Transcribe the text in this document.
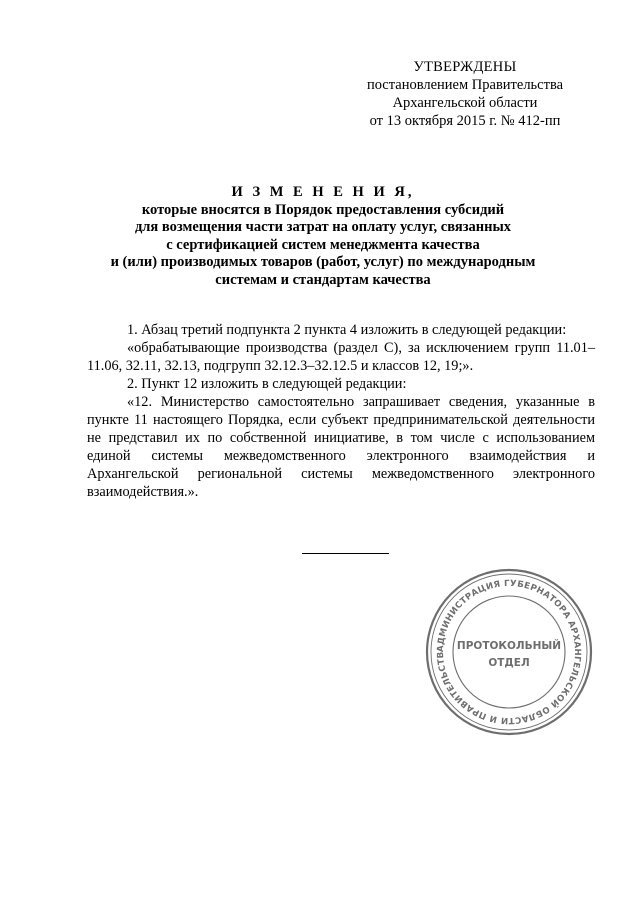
УТВЕРЖДЕНЫ
постановлением Правительства
Архангельской области
от 13 октября 2015 г. № 412-пп
И З М Е Н Е Н И Я,
которые вносятся в Порядок предоставления субсидий
для возмещения части затрат на оплату услуг, связанных
с сертификацией систем менеджмента качества
и (или) производимых товаров (работ, услуг) по международным
системам и стандартам качества

1. Абзац третий подпункта 2 пункта 4 изложить в следующей редакции:

«обрабатывающие производства (раздел С), за исключением групп 11.01–11.06, 32.11, 32.13, подгрупп 32.12.3–32.12.5 и классов 12, 19;».

2. Пункт 12 изложить в следующей редакции:

«12. Министерство самостоятельно запрашивает сведения, указанные в пункте 11 настоящего Порядка, если субъект предпринимательской деятельности не представил их по собственной инициативе, в том числе с использованием единой системы межведомственного электронного взаимодействия и Архангельской региональной системы межведомственного электронного взаимодействия.».

АДМИНИСТРАЦИЯ ГУБЕРНАТОРА АРХАНГЕЛЬСКОЙ ОБЛАСТИ И ПРАВИТЕЛЬСТВ
ПРОТОКОЛЬНЫЙ
ОТДЕЛ
